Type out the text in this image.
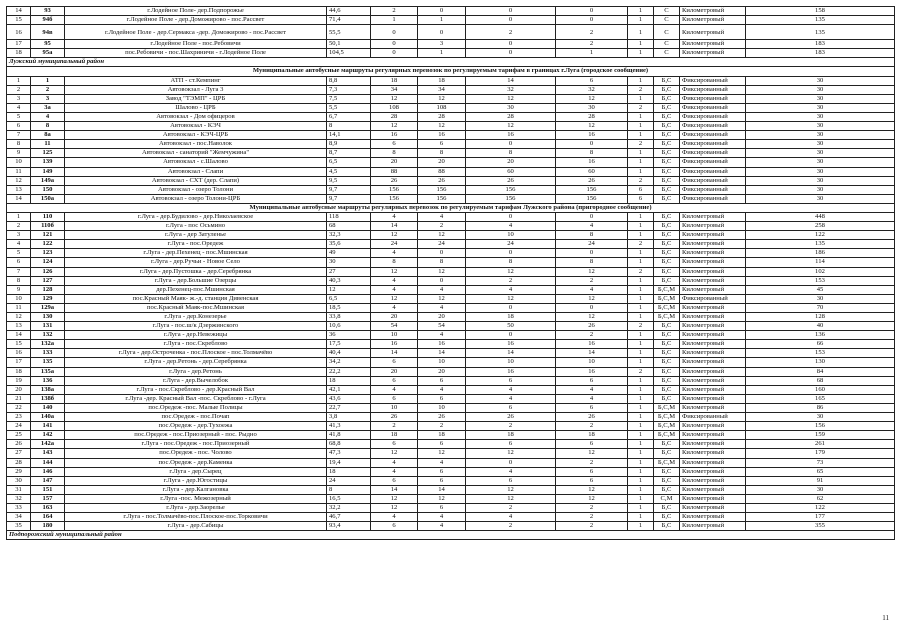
14	93	г.Лодейное Поле- дер.Подпорожье	44,6	2	0	0	0	1	С	Километровый	158
15	94б	г.Лодейное Поле - дер.Доможирово - пос.Рассвет	71,4	1	1	0	0	1	С	Километровый	135
16	94в	г.Лодейное Поле - дер.Сермакса -дер. Доможирово - пос.Рассвет	55,5	0	0	2	2	1	С	Километровый	135
17	95	г.Лодейное Поле - пос.Ребовичи	50,1	0	3	0	2	1	С	Километровый	183
18	95а	пос.Ребовичи - пос.Шахриничи - г.Лодейное Поле	104,5	0	1	0	1	1	С	Километровый	183
Лужский муниципальный район											
Муниципальные автобусные маршруты регулярных перевозок по регулируемым тарифам в границах г.Луга (городское сообщение)											
1	1	АТП - ст.Кемпинг	8,8	18	18	14	6	1	Б,С	Фиксированный	30
2	2	Автовокзал - Луга 3	7,3	34	34	32	32	2	Б,С	Фиксированный	30
3	3	Завод "ТЭМП" - ЦРБ	7,5	12	12	12	12	1	Б,С	Фиксированный	30
4	3а	Шалово - ЦРБ	5,5	108	108	30	30	2	Б,С	Фиксированный	30
5	4	Автовокзал - Дом офицеров	6,7	28	28	28	28	1	Б,С	Фиксированный	30
6	8	Автовокзал - КЭЧ	8	12	12	12	12	1	Б,С	Фиксированный	30
7	8а	Автовокзал - КЭЧ-ЦРБ	14,1	16	16	16	16	1	Б,С	Фиксированный	30
8	11	Автовокзал - пос.Наволок	8,9	6	6	0	0	2	Б,С	Фиксированный	30
9	125	Автовокзал - санаторий "Жемчужина"	8,7	8	8	8	8	1	Б,С	Фиксированный	30
10	139	Автовокзал - с.Шалово	6,5	20	20	20	16	1	Б,С	Фиксированный	30
11	149	Автовокзал - Слапи	4,5	88	88	60	60	1	Б,С	Фиксированный	30
12	149а	Автовокзал - СХТ (дер. Слапи)	9,5	26	26	26	26	2	Б,С	Фиксированный	30
13	150	Автовокзал - озеро Толони	9,7	156	156	156	156	6	Б,С	Фиксированный	30
14	150а	Автовокзал - озеро Толони-ЦРБ	9,7	156	156	156	156	6	Б,С	Фиксированный	30
Муниципальные автобусные маршруты регулярных перевозок по регулируемым тарифам Лужского района (пригородное сообщение)											
1	110	г.Луга - дер.Будилово - дер.Николаевское	118	4	4	0	0	1	Б,С	Километровый	448
2	110б	г.Луга - пос Осьмино	68	14	2	4	4	1	Б,С	Километровый	258
3	121	г.Луга - дер Затуленье	32,3	12	12	10	8	1	Б,С	Километровый	122
4	122	г.Луга - пос.Оредеж	35,6	24	24	24	24	2	Б,С	Километровый	135
5	123	г.Луга - дер.Пехенец - пос.Мшинская	49	4	0	0	0	1	Б,С	Километровый	186
6	124	г.Луга - дер.Ручьи - Новое Село	30	8	8	8	8	1	Б,С	Километровый	114
7	126	г.Луга - дер.Пустошка - дер.Серебрянка	27	12	12	12	12	2	Б,С	Километровый	102
8	127	г.Луга - дер.Большие Озерцы	40,3	4	0	2	2	1	Б,С	Километровый	153
9	128	дер.Пехенец-пос.Мшинская	12	4	4	4	4	1	Б,С,М	Километровый	45
10	129	пос.Красный Маяк- ж.-д. станция Дивенская	6,5	12	12	12	12	1	Б,С,М	Фиксированный	30
11	129а	пос.Красный Маяк-пос.Мшинская	18,5	4	4	0	0	1	Б,С,М	Километровый	70
12	130	г.Луга - дер.Конезерье	33,8	20	20	18	12	1	Б,С,М	Километровый	128
13	131	г.Луга - пос.ш/к Дзержинского	10,6	54	54	50	26	2	Б,С	Километровый	40
14	132	г.Луга - дер.Невежицы	36	10	4	0	2	1	Б,С	Километровый	136
15	132а	г.Луга - пос.Скреблово	17,5	16	16	16	16	1	Б,С	Километровый	66
16	133	г.Луга - дер.Остроченка - пос.Плоское - пос.Толмачёво	40,4	14	14	14	14	1	Б,С	Километровый	153
17	135	г.Луга - дер.Ретонь - дер.Серебрянка	34,2	6	10	10	10	1	Б,С	Километровый	130
18	135а	г.Луга - дер.Ретонь	22,2	20	20	16	16	2	Б,С	Километровый	84
19	136	г.Луга - дер.Вычелобок	18	6	6	6	6	1	Б,С	Километровый	68
20	138а	г.Луга - пос.Скреблово - дер.Красный Вал	42,1	4	4	4	4	1	Б,С	Километровый	160
21	138б	г.Луга -дер. Красный Вал -пос. Скреблово - г.Луга	43,6	6	6	4	4	1	Б,С	Километровый	165
22	140	пос.Оредеж -пос. Малые Полицы	22,7	10	10	6	6	1	Б,С,М	Километровый	86
23	140а	пос.Оредеж - пос.Почап	3,8	26	26	26	26	1	Б,С,М	Фиксированный	30
24	141	пос.Оредеж - дер.Тухоежа	41,3	2	2	2	2	1	Б,С,М	Километровый	156
25	142	пос.Оредеж - пос.Приозерный - пос. Рыдно	41,8	18	18	18	18	1	Б,С,М	Километровый	159
26	142а	г.Луга - пос.Оредеж - пос.Приозерный	68,8	6	6	6	6	1	Б,С	Километровый	261
27	143	пос.Оредеж - пос. Чолово	47,3	12	12	12	12	1	Б,С	Километровый	179
28	144	пос.Оредеж - дер.Каменка	19,4	4	4	0	2	1	Б,С,М	Километровый	73
29	146	г.Луга - дер.Сырец	18	4	6	4	6	1	Б,С	Километровый	65
30	147	г.Луга - дер.Югостицы	24	6	6	6	6	1	Б,С	Километровый	91
31	151	г.Луга - дер.Калгановка	8	14	14	12	12	1	Б,С	Километровый	30
32	157	г.Луга -пос. Межозерный	16,5	12	12	12	12	1	С,М	Километровый	62
33	163	г.Луга - дер.Заорелье	32,2	12	6	2	2	1	Б,С	Километровый	122
34	164	г.Луга - пос.Толмачёво-пос.Плоское-пос.Торковичи	46,7	4	4	4	2	1	Б,С	Километровый	177
35	180	г.Луга - дер.Сабицы	93,4	6	4	2	2	1	Б,С	Километровый	355
Подпорожский муниципальный район											
11
